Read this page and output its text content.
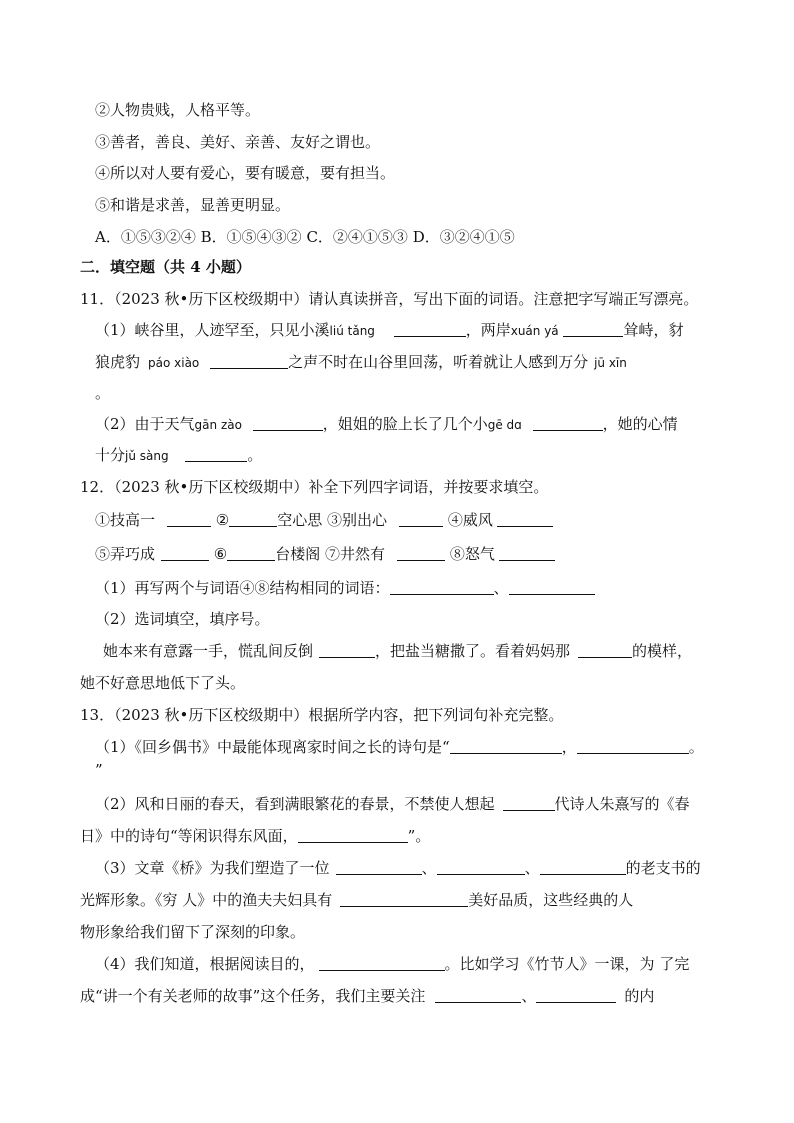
②人物贵贱，人格平等。
③善者，善良、美好、亲善、友好之谓也。
④所以对人要有爱心，要有暖意，要有担当。
⑤和谐是求善，显善更明显。
A．①⑤③②④ B．①⑤④③② C．②④①⑤③ D．③②④①⑤
二．填空题（共 4 小题）
11．（2023 秋•历下区校级期中）请认真读拼音，写出下面的词语。注意把字写端正写漂亮。
（1）峡谷里，人迹罕至，只见小溪liú tǎng	，两岸xuán yá	耸峙，豺
狼虎豹 páo xiào	之声不时在山谷里回荡，听着就让人感到万分 jū xīn
。
（2）由于天气gān zào	，姐姐的脸上长了几个小gē dɑ	，她的心情
十分jǔ sàng	。
12．（2023 秋•历下区校级期中）补全下列四字词语，并按要求填空。
①技高一	②	空心思 ③别出心	④威风
⑤弄巧成	⑥	台楼阁 ⑦井然有	⑧怒气
（1）再写两个与词语④⑧结构相同的词语：	、
（2）选词填空，填序号。
她本来有意露一手，慌乱间反倒	，把盐当糖撒了。看着妈妈那	的模样，
她不好意思地低下了头。
13．（2023 秋•历下区校级期中）根据所学内容，把下列词句补充完整。
（1）《回乡偶书》中最能体现离家时间之长的诗句是“	，	。
”
（2）风和日丽的春天，看到满眼繁花的春景，不禁使人想起	代诗人朱熹写的《春
日》中的诗句“等闲识得东风面，	”。
（3）文章《桥》为我们塑造了一位	、	、	的老支书的
光辉形象。《穷 人》中的渔夫夫妇具有	美好品质，这些经典的人
物形象给我们留下了深刻的印象。
（4）我们知道，根据阅读目的，	。比如学习《竹节人》一课，为 了完
成“讲一个有关老师的故事”这个任务，我们主要关注	、	的内
